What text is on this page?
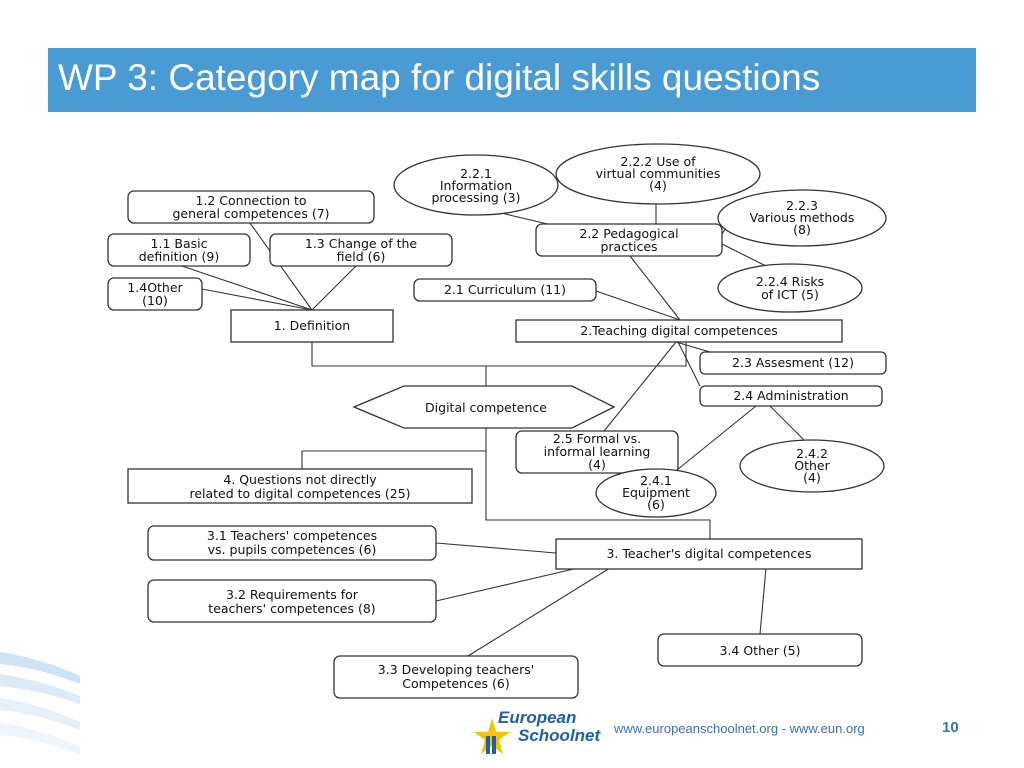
WP 3: Category map for digital skills questions
Digital competence
1. Definition
1.2 Connection to
general competences (7)
1.1 Basic
definition (9)
1.3 Change of the
field (6)
1.4Other
(10)
2.Teaching digital competences
2.1 Curriculum (11)
2.2 Pedagogical
practices
2.3 Assesment (12)
2.4 Administration
2.5 Formal vs.
informal learning
(4)
4. Questions not directly
related to digital competences (25)
3. Teacher's digital competences
3.1 Teachers' competences
vs. pupils competences (6)
3.2 Requirements for
teachers' competences (8)
3.3 Developing teachers'
Competences (6)
3.4 Other (5)
2.2.1
Information
processing (3)
2.2.2 Use of
virtual communities
(4)
2.2.3
Various methods
(8)
2.2.4 Risks
of ICT (5)
2.4.1
Equipment
(6)
2.4.2
Other
(4)
European
Schoolnet www.europeanschoolnet.org - www.eun.org	10
